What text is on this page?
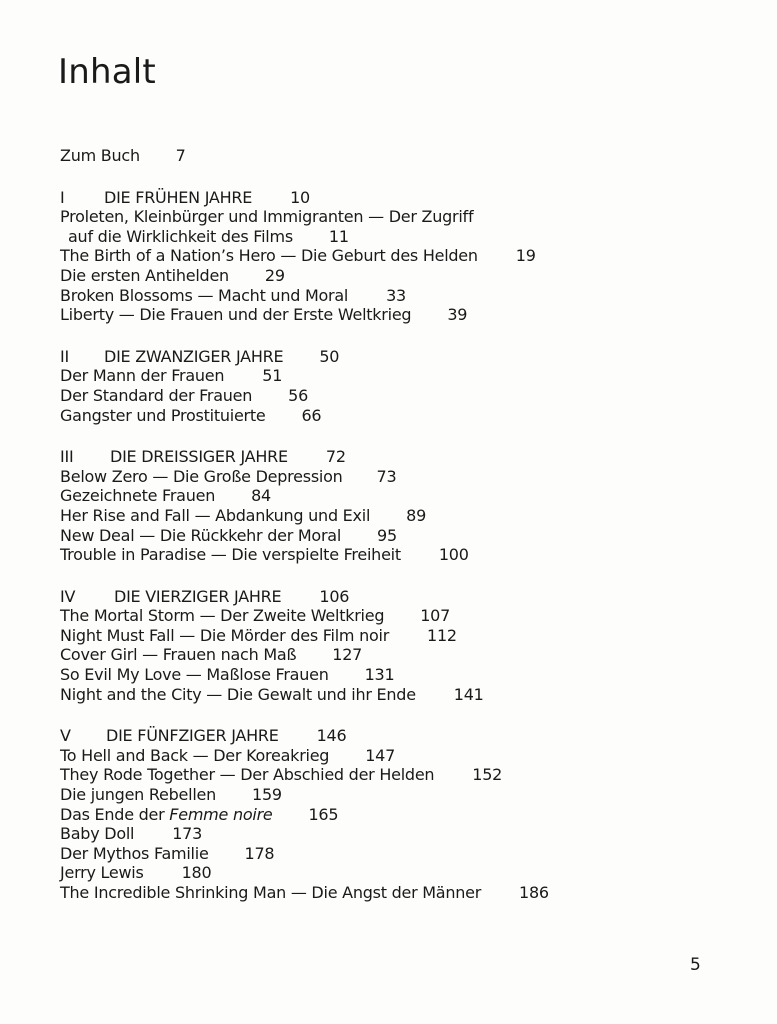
Inhalt
Zum Buch 7
I DIE FRÜHEN JAHRE 10
Proleten, Kleinbürger und Immigranten — Der Zugriff
auf die Wirklichkeit des Films 11
The Birth of a Nation’s Hero — Die Geburt des Helden 19
Die ersten Antihelden 29
Broken Blossoms — Macht und Moral 33
Liberty — Die Frauen und der Erste Weltkrieg 39
II DIE ZWANZIGER JAHRE 50
Der Mann der Frauen 51
Der Standard der Frauen 56
Gangster und Prostituierte 66
III DIE DREISSIGER JAHRE 72
Below Zero — Die Große Depression 73
Gezeichnete Frauen 84
Her Rise and Fall — Abdankung und Exil 89
New Deal — Die Rückkehr der Moral 95
Trouble in Paradise — Die verspielte Freiheit 100
IV DIE VIERZIGER JAHRE 106
The Mortal Storm — Der Zweite Weltkrieg 107
Night Must Fall — Die Mörder des Film noir 112
Cover Girl — Frauen nach Maß 127
So Evil My Love — Maßlose Frauen 131
Night and the City — Die Gewalt und ihr Ende 141
V DIE FÜNFZIGER JAHRE 146
To Hell and Back — Der Koreakrieg 147
They Rode Together — Der Abschied der Helden 152
Die jungen Rebellen 159
Das Ende der Femme noire 165
Baby Doll 173
Der Mythos Familie 178
Jerry Lewis 180
The Incredible Shrinking Man — Die Angst der Männer 186
5
